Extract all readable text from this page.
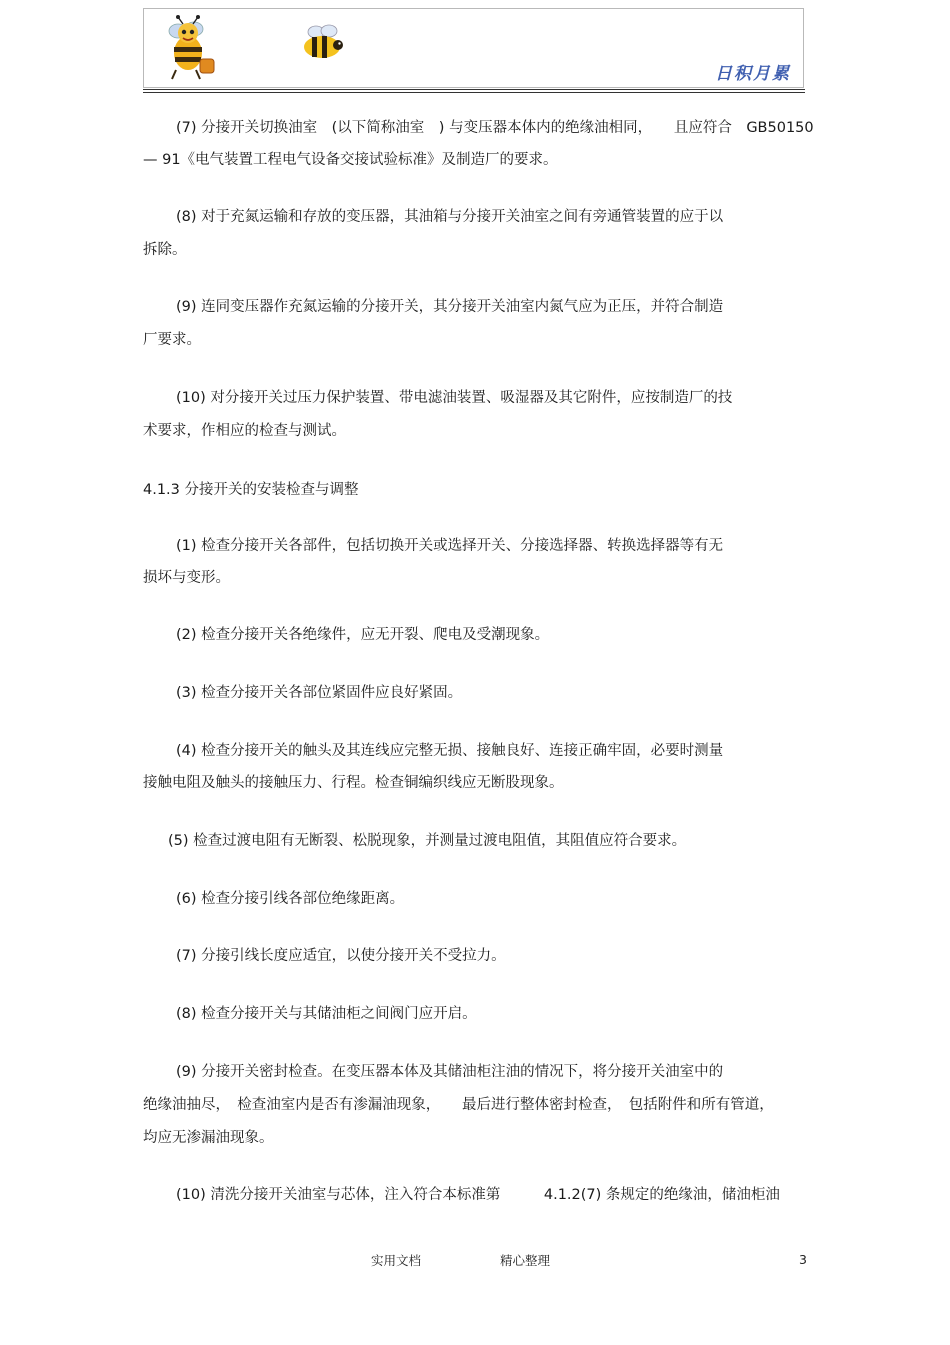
日积月累
(7) 分接开关切换油室　(以下简称油室　) 与变压器本体内的绝缘油相同，　　且应符合　GB50150
— 91《电气装置工程电气设备交接试验标准》及制造厂的要求。
(8) 对于充氮运输和存放的变压器，其油箱与分接开关油室之间有旁通管装置的应于以
拆除。
(9) 连同变压器作充氮运输的分接开关，其分接开关油室内氮气应为正压，并符合制造
厂要求。
(10) 对分接开关过压力保护装置、带电滤油装置、吸湿器及其它附件，应按制造厂的技
术要求，作相应的检查与测试。
4.1.3 分接开关的安装检查与调整
(1) 检查分接开关各部件，包括切换开关或选择开关、分接选择器、转换选择器等有无
损坏与变形。
(2) 检查分接开关各绝缘件，应无开裂、爬电及受潮现象。
(3) 检查分接开关各部位紧固件应良好紧固。
(4) 检查分接开关的触头及其连线应完整无损、接触良好、连接正确牢固，必要时测量
接触电阻及触头的接触压力、行程。检查铜编织线应无断股现象。
(5) 检查过渡电阻有无断裂、松脱现象，并测量过渡电阻值，其阻值应符合要求。
(6) 检查分接引线各部位绝缘距离。
(7) 分接引线长度应适宜，以使分接开关不受拉力。
(8) 检查分接开关与其储油柜之间阀门应开启。
(9) 分接开关密封检查。在变压器本体及其储油柜注油的情况下，将分接开关油室中的
绝缘油抽尽，　检查油室内是否有渗漏油现象，　　最后进行整体密封检查，　包括附件和所有管道，
均应无渗漏油现象。
(10) 清洗分接开关油室与芯体，注入符合本标准第　　　4.1.2(7) 条规定的绝缘油，储油柜油
实用文档	精心整理	3
